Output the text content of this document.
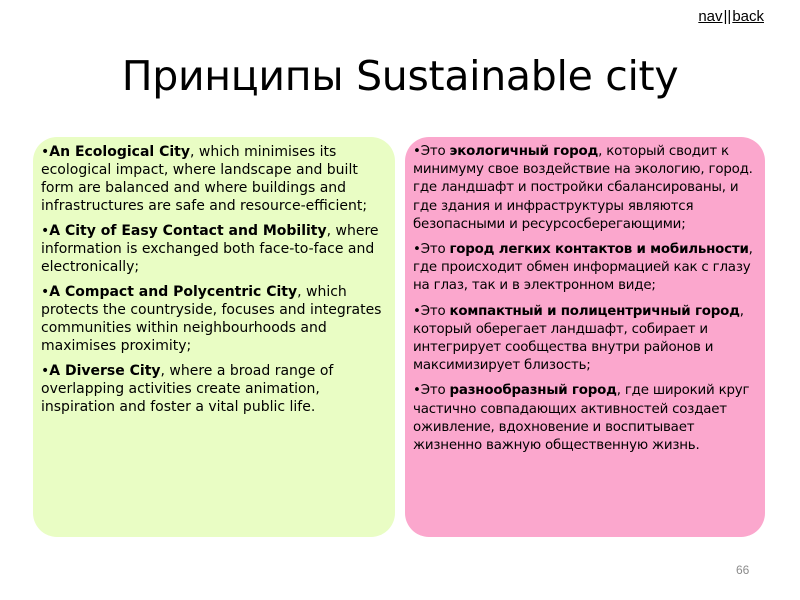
nav||back
Принципы Sustainable city
•An Ecological City, which minimises its ecological impact, where landscape and built form are balanced and where buildings and infrastructures are safe and resource-efficient;
•A City of Easy Contact and Mobility, where information is exchanged both face-to-face and electronically;
•A Compact and Polycentric City, which protects the countryside, focuses and integrates communities within neighbourhoods and maximises proximity;
•A Diverse City, where a broad range of overlapping activities create animation, inspiration and foster a vital public life.
•Это экологичный город, который сводит к минимуму свое воздействие на экологию, город. где ландшафт и постройки сбалансированы, и где здания и инфраструктуры являются безопасными и ресурсосберегающими;
•Это город легких контактов и мобильности, где происходит обмен информацией как с глазу на глаз, так и в электронном виде;
•Это компактный и полицентричный город, который оберегает ландшафт, собирает и интегрирует сообщества внутри районов и максимизирует близость;
•Это разнообразный город, где широкий круг частично совпадающих активностей создает оживление, вдохновение и воспитывает жизненно важную общественную жизнь.
66
